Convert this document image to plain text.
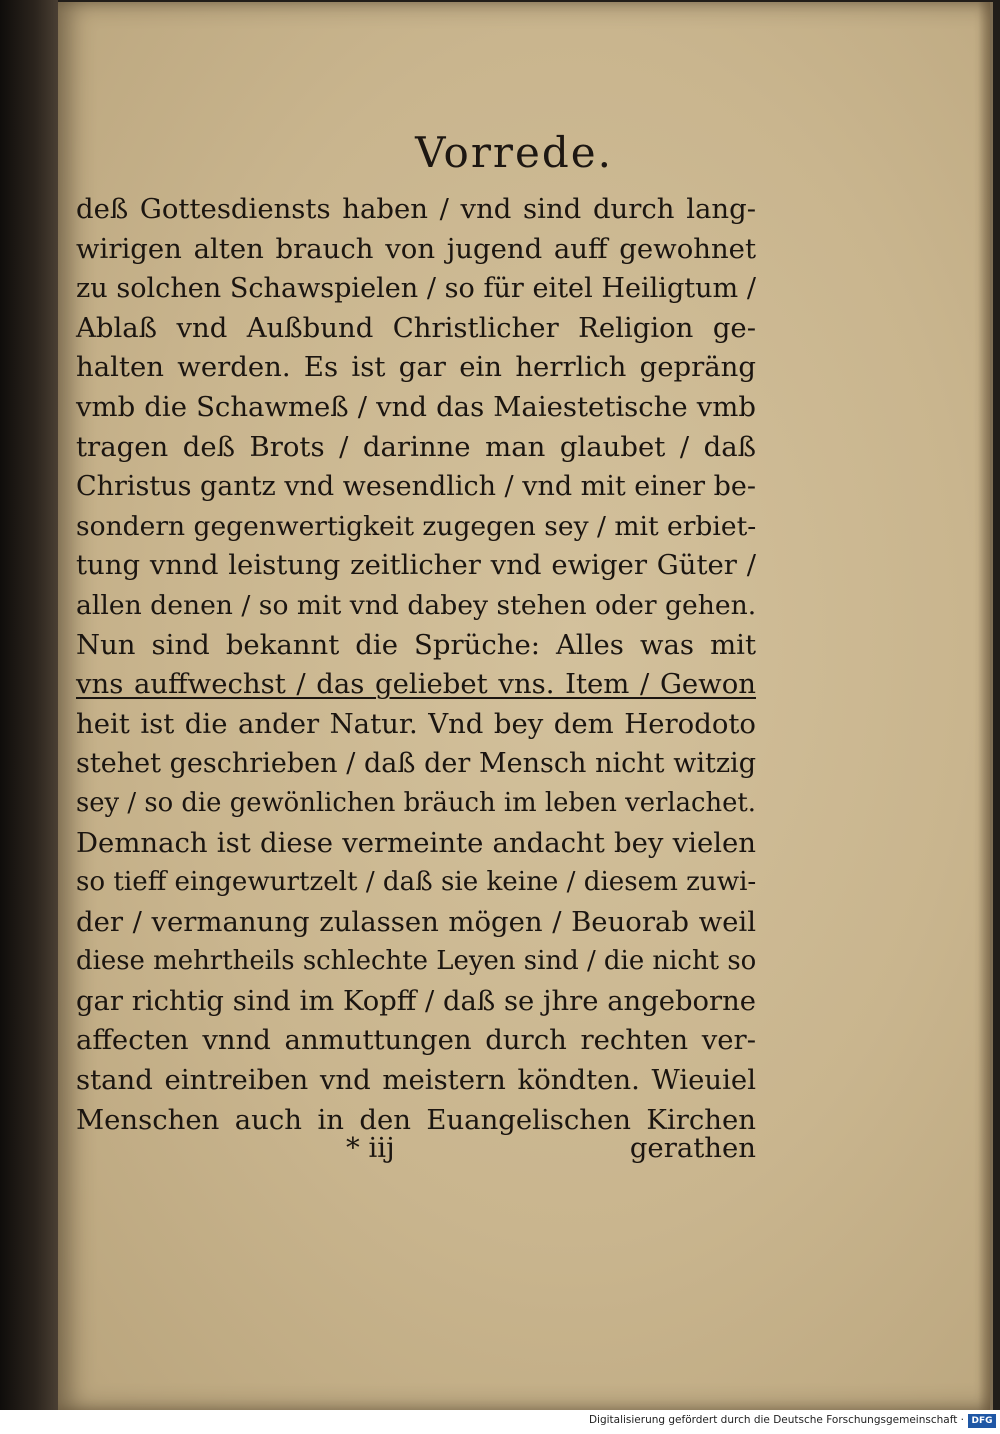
Vorrede.
deß Gottesdiensts haben / vnd sind durch lang-
wirigen alten brauch von jugend auff gewohnet
zu solchen Schawspielen / so für eitel Heiligtum /
Ablaß vnd Außbund Christlicher Religion ge-
halten werden. Es ist gar ein herrlich gepräng
vmb die Schawmeß / vnd das Maiestetische vmb
tragen deß Brots / darinne man glaubet / daß
Christus gantz vnd wesendlich / vnd mit einer be-
sondern gegenwertigkeit zugegen sey / mit erbiet-
tung vnnd leistung zeitlicher vnd ewiger Güter /
allen denen / so mit vnd dabey stehen oder gehen.
Nun sind bekannt die Sprüche: Alles was mit
vns auffwechst / das geliebet vns. Item / Gewon
heit ist die ander Natur. Vnd bey dem Herodoto
stehet geschrieben / daß der Mensch nicht witzig
sey / so die gewönlichen bräuch im leben verlachet.
Demnach ist diese vermeinte andacht bey vielen
so tieff eingewurtzelt / daß sie keine / diesem zuwi-
der / vermanung zulassen mögen / Beuorab weil
diese mehrtheils schlechte Leyen sind / die nicht so
gar richtig sind im Kopff / daß se jhre angeborne
affecten vnnd anmuttungen durch rechten ver-
stand eintreiben vnd meistern köndten. Wieuiel
Menschen auch in den Euangelischen Kirchen
* iij	gerathen
Digitalisierung gefördert durch die Deutsche Forschungsgemeinschaft · DFG
